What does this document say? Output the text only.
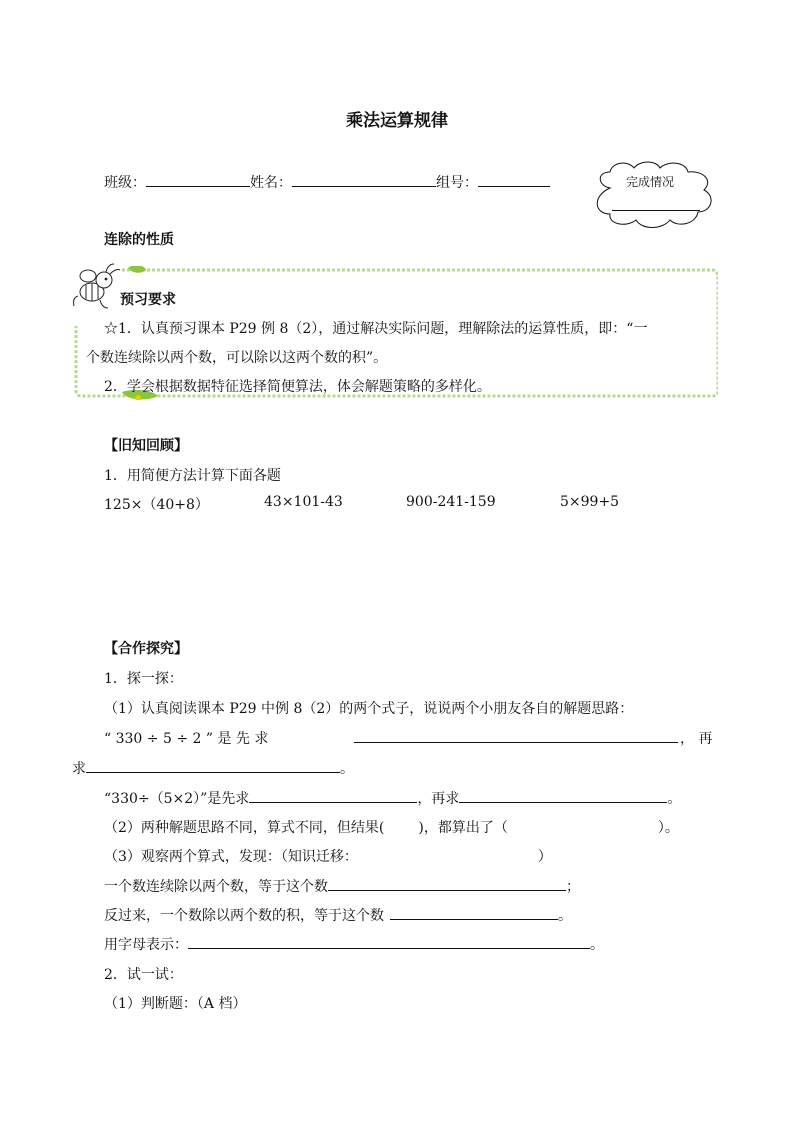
乘法运算规律
班级：	姓名：	组号：	完成情况
连除的性质
预习要求
☆1．认真预习课本 P29 例 8（2），通过解决实际问题，理解除法的运算性质，即：“一
个数连续除以两个数，可以除以这两个数的积”。
2．学会根据数据特征选择简便算法，体会解题策略的多样化。
【旧知回顾】
1．用简便方法计算下面各题
125×（40+8）	43×101-43	900-241-159	5×99+5
【合作探究】
1．探一探：
（1）认真阅读课本 P29 中例 8（2）的两个式子，说说两个小朋友各自的解题思路：
“ 330 ÷ 5 ÷ 2 ” 是 先 求	， 再
求	。
“330÷（5×2）”是先求	，再求	。
（2）两种解题思路不同，算式不同，但结果( )，都算出了（	）。
（3）观察两个算式，发现：（知识迁移：	）
一个数连续除以两个数，等于这个数	；
反过来，一个数除以两个数的积，等于这个数	。
用字母表示：	。
2．试一试：
（1）判断题：（A 档）
